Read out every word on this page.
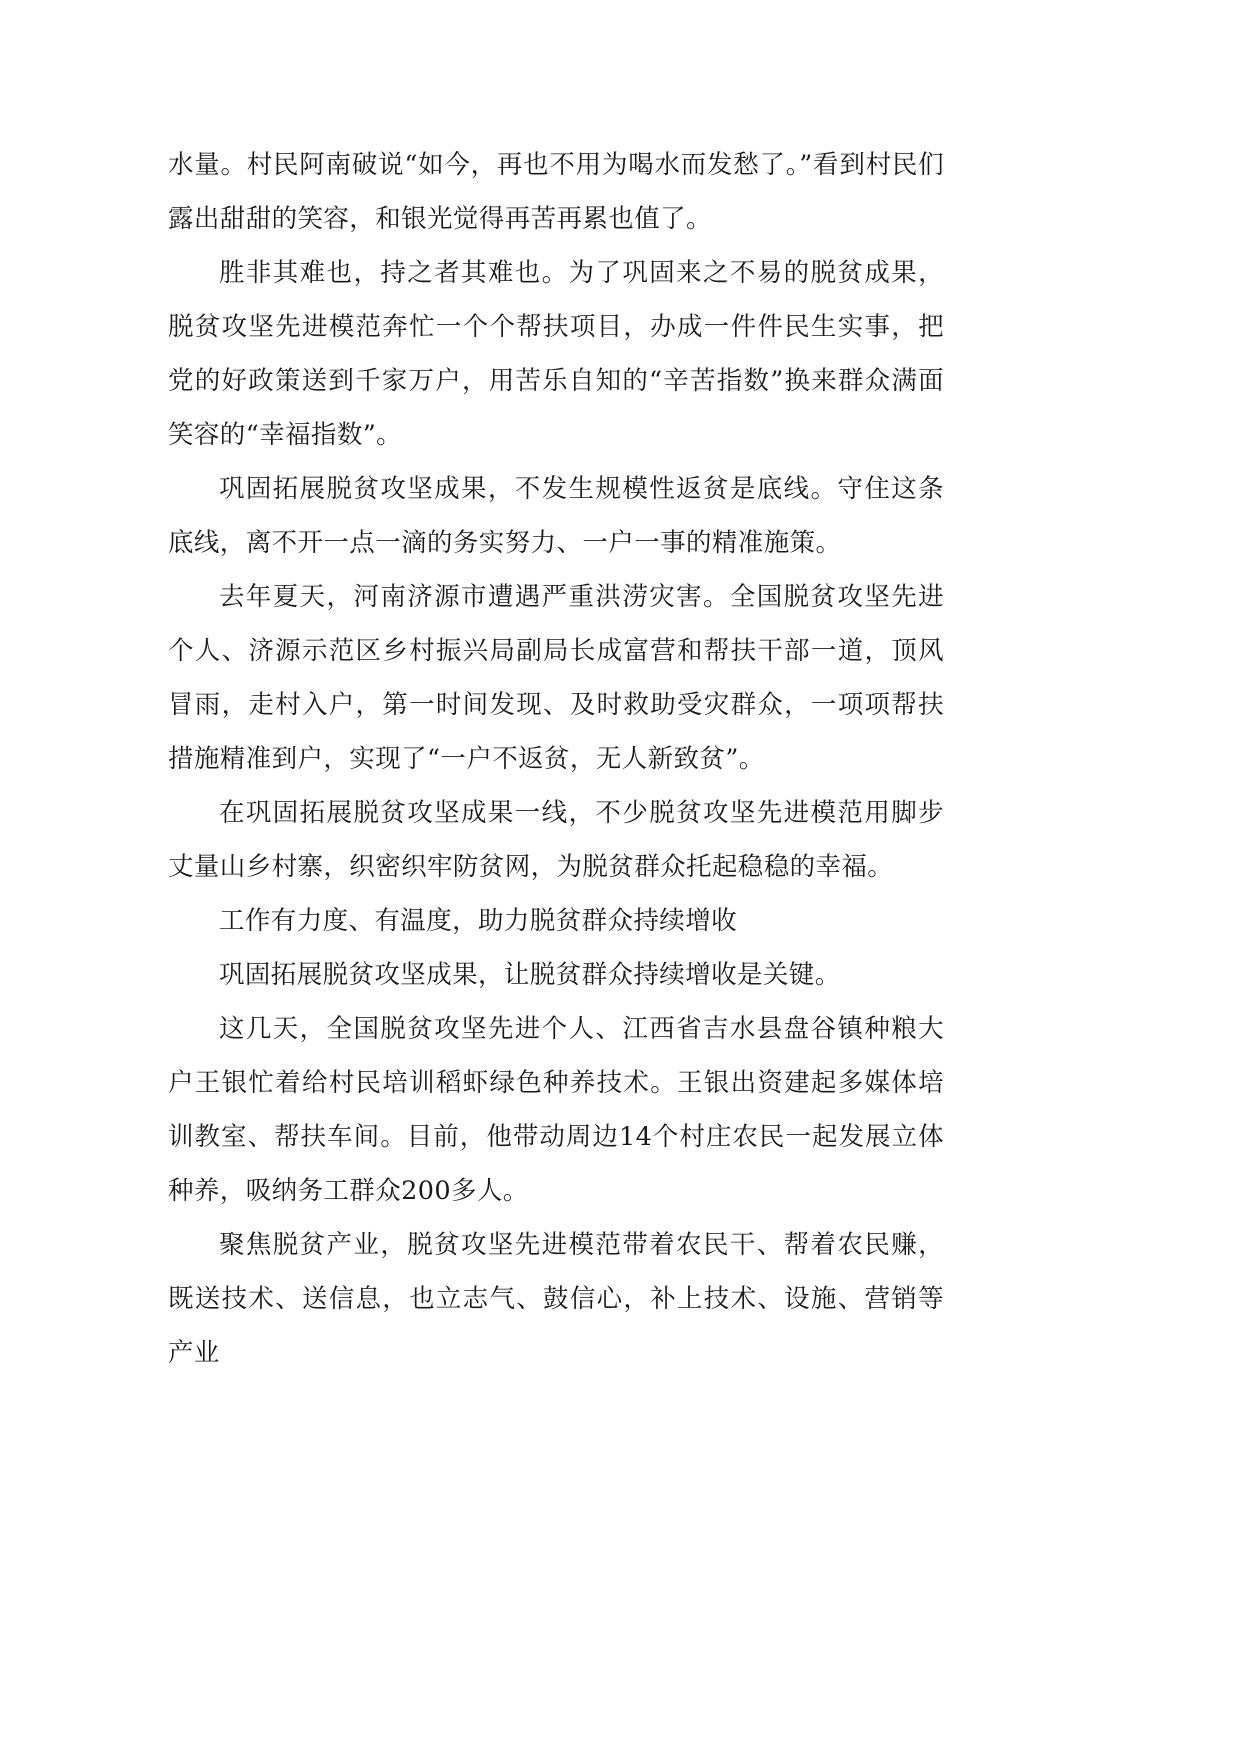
水量。村民阿南破说“如今，再也不用为喝水而发愁了。”看到村民们露出甜甜的笑容，和银光觉得再苦再累也值了。

胜非其难也，持之者其难也。为了巩固来之不易的脱贫成果，脱贫攻坚先进模范奔忙一个个帮扶项目，办成一件件民生实事，把党的好政策送到千家万户，用苦乐自知的“辛苦指数”换来群众满面笑容的“幸福指数”。

巩固拓展脱贫攻坚成果，不发生规模性返贫是底线。守住这条底线，离不开一点一滴的务实努力、一户一事的精准施策。

去年夏天，河南济源市遭遇严重洪涝灾害。全国脱贫攻坚先进个人、济源示范区乡村振兴局副局长成富营和帮扶干部一道，顶风冒雨，走村入户，第一时间发现、及时救助受灾群众，一项项帮扶措施精准到户，实现了“一户不返贫，无人新致贫”。

在巩固拓展脱贫攻坚成果一线，不少脱贫攻坚先进模范用脚步丈量山乡村寨，织密织牢防贫网，为脱贫群众托起稳稳的幸福。

工作有力度、有温度，助力脱贫群众持续增收

巩固拓展脱贫攻坚成果，让脱贫群众持续增收是关键。

这几天，全国脱贫攻坚先进个人、江西省吉水县盘谷镇种粮大户王银忙着给村民培训稻虾绿色种养技术。王银出资建起多媒体培训教室、帮扶车间。目前，他带动周边14个村庄农民一起发展立体种养，吸纳务工群众200多人。

聚焦脱贫产业，脱贫攻坚先进模范带着农民干、帮着农民赚，既送技术、送信息，也立志气、鼓信心，补上技术、设施、营销等产业
